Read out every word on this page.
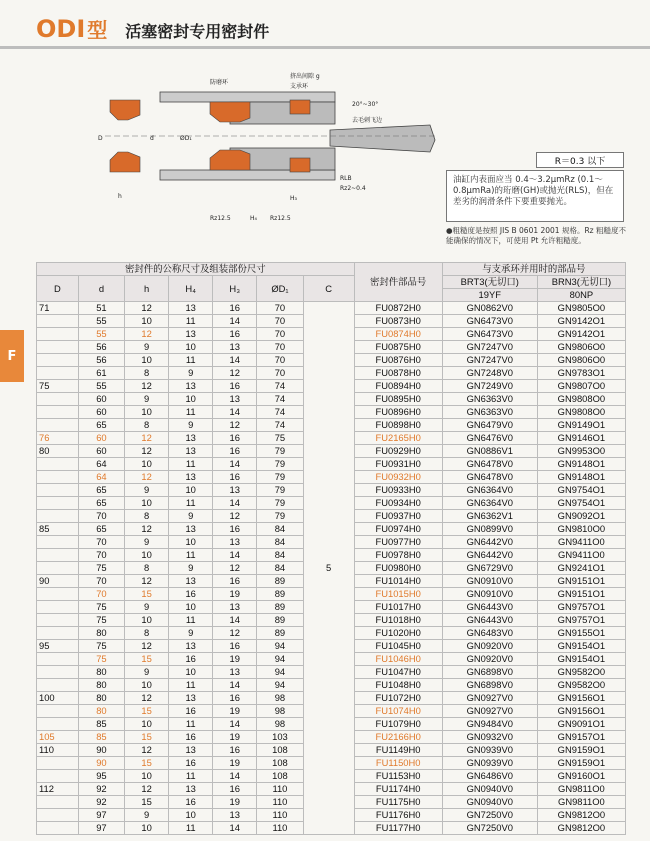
ODI 型 活塞密封专用密封件
防磨环
挤出间隙 g
支承环
20°~30°
去毛刺飞边
D	d	ØD₁
h
Rz12.5	H₄ Rz12.5
H₃
Rz2~0.4
RLB
R＝0.3 以下
油缸内表面应当 0.4～3.2μmRz (0.1～0.8μmRa)的珩磨(GH)或抛光(RLS)，但在差劣的润滑条件下要重要抛光。
●粗糙度是按照 JIS B 0601 2001 规格。Rz 粗糙度不能确保的情况下，可使用 Pt 允许粗糙度。
F
密封件的公称尺寸及组装部份尺寸							密封件部品号	与支承环并用时的部品号	
D	d	h	H₄	H₃	ØD₁	C		BRT3(无切口)	BRN3(无切口)
								19YF	80NP
71	51	12	13	16	70	5	FU0872H0	GN0862V0	GN9805O0
	55	10	11	14	70		FU0873H0	GN6473V0	GN9142O1
	55	12	13	16	70		FU0874H0	GN6473V0	GN9142O1
	56	9	10	13	70		FU0875H0	GN7247V0	GN9806O0
	56	10	11	14	70		FU0876H0	GN7247V0	GN9806O0
	61	8	9	12	70		FU0878H0	GN7248V0	GN9783O1
75	55	12	13	16	74		FU0894H0	GN7249V0	GN9807O0
	60	9	10	13	74		FU0895H0	GN6363V0	GN9808O0
	60	10	11	14	74		FU0896H0	GN6363V0	GN9808O0
	65	8	9	12	74		FU0898H0	GN6479V0	GN9149O1
76	60	12	13	16	75		FU2165H0	GN6476V0	GN9146O1
80	60	12	13	16	79		FU0929H0	GN0886V1	GN9953O0
	64	10	11	14	79		FU0931H0	GN6478V0	GN9148O1
	64	12	13	16	79		FU0932H0	GN6478V0	GN9148O1
	65	9	10	13	79		FU0933H0	GN6364V0	GN9754O1
	65	10	11	14	79		FU0934H0	GN6364V0	GN9754O1
	70	8	9	12	79		FU0937H0	GN6362V1	GN9092O1
85	65	12	13	16	84		FU0974H0	GN0899V0	GN9810O0
	70	9	10	13	84		FU0977H0	GN6442V0	GN9411O0
	70	10	11	14	84		FU0978H0	GN6442V0	GN9411O0
	75	8	9	12	84		FU0980H0	GN6729V0	GN9241O1
90	70	12	13	16	89		FU1014H0	GN0910V0	GN9151O1
	70	15	16	19	89		FU1015H0	GN0910V0	GN9151O1
	75	9	10	13	89		FU1017H0	GN6443V0	GN9757O1
	75	10	11	14	89		FU1018H0	GN6443V0	GN9757O1
	80	8	9	12	89		FU1020H0	GN6483V0	GN9155O1
95	75	12	13	16	94		FU1045H0	GN0920V0	GN9154O1
	75	15	16	19	94		FU1046H0	GN0920V0	GN9154O1
	80	9	10	13	94		FU1047H0	GN6898V0	GN9582O0
	80	10	11	14	94		FU1048H0	GN6898V0	GN9582O0
100	80	12	13	16	98		FU1072H0	GN0927V0	GN9156O1
	80	15	16	19	98		FU1074H0	GN0927V0	GN9156O1
	85	10	11	14	98		FU1079H0	GN9484V0	GN9091O1
105	85	15	16	19	103		FU2166H0	GN0932V0	GN9157O1
110	90	12	13	16	108		FU1149H0	GN0939V0	GN9159O1
	90	15	16	19	108		FU1150H0	GN0939V0	GN9159O1
	95	10	11	14	108		FU1153H0	GN6486V0	GN9160O1
112	92	12	13	16	110		FU1174H0	GN0940V0	GN9811O0
	92	15	16	19	110		FU1175H0	GN0940V0	GN9811O0
	97	9	10	13	110		FU1176H0	GN7250V0	GN9812O0
	97	10	11	14	110		FU1177H0	GN7250V0	GN9812O0
